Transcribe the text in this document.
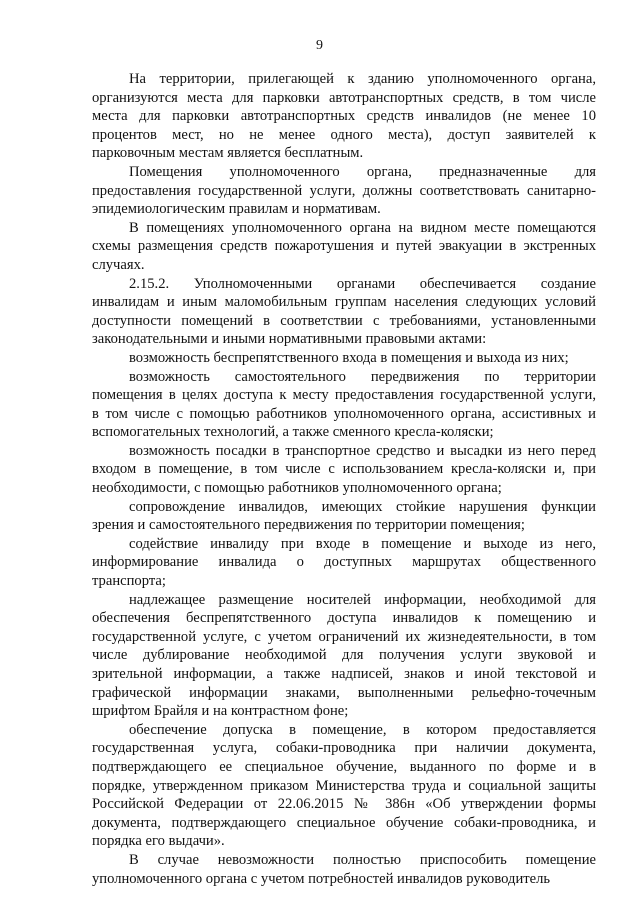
9
На территории, прилегающей к зданию уполномоченного органа,
организуются места для парковки автотранспортных средств, в том числе
места для парковки автотранспортных средств инвалидов (не менее 10
процентов мест, но не менее одного места), доступ заявителей к
парковочным местам является бесплатным.
Помещения уполномоченного органа, предназначенные для
предоставления государственной услуги, должны соответствовать санитарно-
эпидемиологическим правилам и нормативам.
В помещениях уполномоченного органа на видном месте помещаются
схемы размещения средств пожаротушения и путей эвакуации в экстренных
случаях.
2.15.2. Уполномоченными органами обеспечивается создание
инвалидам и иным маломобильным группам населения следующих условий
доступности помещений в соответствии с требованиями, установленными
законодательными и иными нормативными правовыми актами:
возможность беспрепятственного входа в помещения и выхода из них;
возможность самостоятельного передвижения по территории
помещения в целях доступа к месту предоставления государственной услуги,
в том числе с помощью работников уполномоченного органа, ассистивных и
вспомогательных технологий, а также сменного кресла-коляски;
возможность посадки в транспортное средство и высадки из него перед
входом в помещение, в том числе с использованием кресла-коляски и, при
необходимости, с помощью работников уполномоченного органа;
сопровождение инвалидов, имеющих стойкие нарушения функции
зрения и самостоятельного передвижения по территории помещения;
содействие инвалиду при входе в помещение и выходе из него,
информирование инвалида о доступных маршрутах общественного
транспорта;
надлежащее размещение носителей информации, необходимой для
обеспечения беспрепятственного доступа инвалидов к помещению и
государственной услуге, с учетом ограничений их жизнедеятельности, в том
числе дублирование необходимой для получения услуги звуковой и
зрительной информации, а также надписей, знаков и иной текстовой и
графической информации знаками, выполненными рельефно-точечным
шрифтом Брайля и на контрастном фоне;
обеспечение допуска в помещение, в котором предоставляется
государственная услуга, собаки-проводника при наличии документа,
подтверждающего ее специальное обучение, выданного по форме и в
порядке, утвержденном приказом Министерства труда и социальной защиты
Российской Федерации от 22.06.2015 № 386н «Об утверждении формы
документа, подтверждающего специальное обучение собаки-проводника, и
порядка его выдачи».
В случае невозможности полностью приспособить помещение
уполномоченного органа с учетом потребностей инвалидов руководитель
